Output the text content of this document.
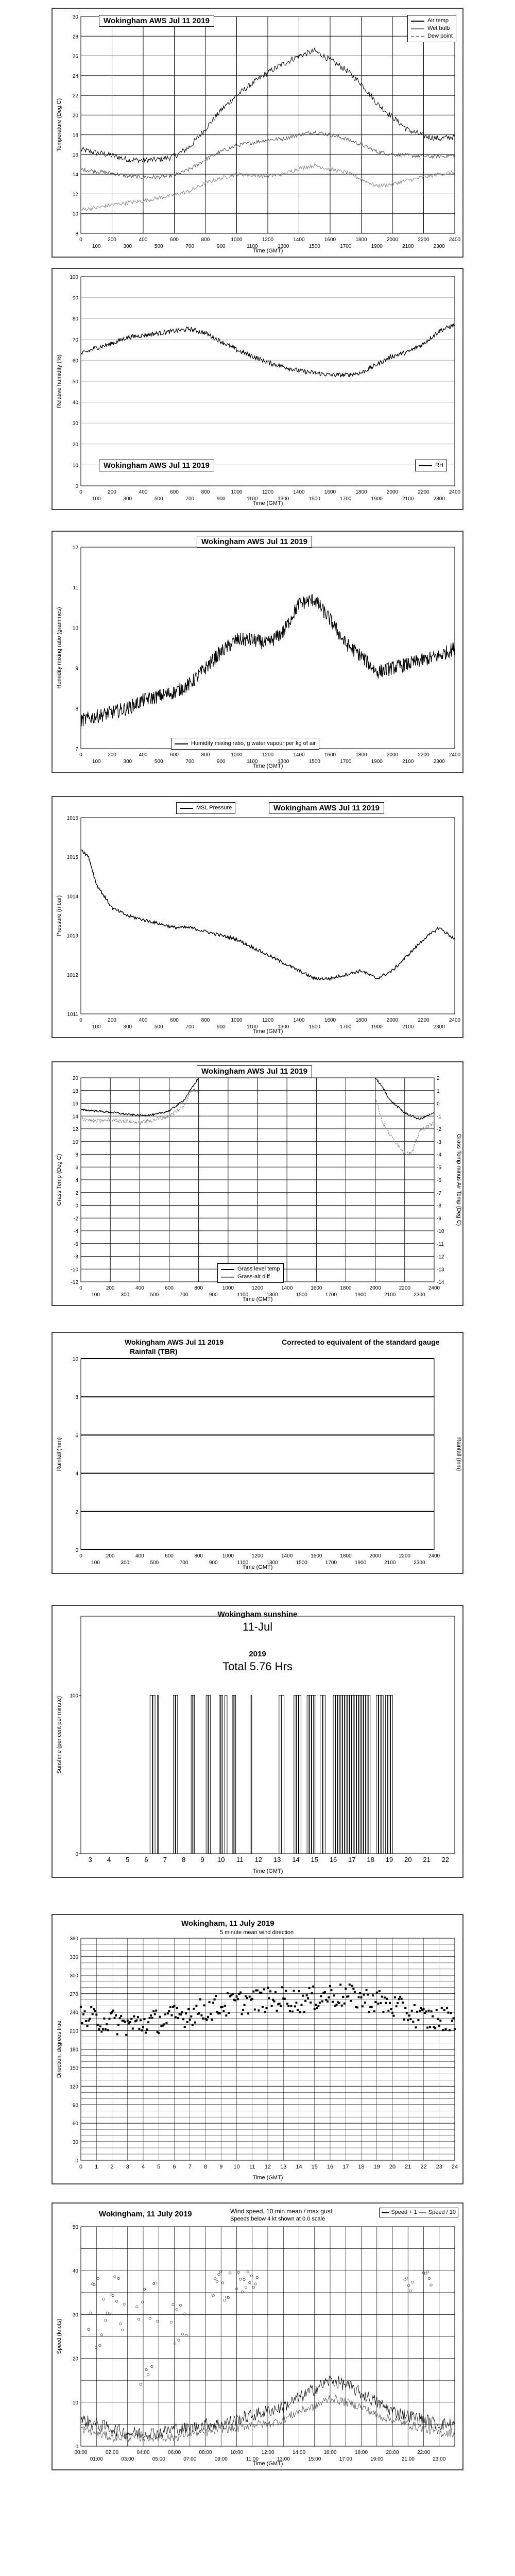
8
10
12
14
16
18
20
22
24
26
28
30
0	200	400	600	800	1000	1200	1400	1600	1800	2000	2200	2400
100	300	500	700	900	1100	1300	1500	1700	1900	2100	2300
Time (GMT)
Temperature (Deg C)
Wokingham AWS Jul 11 2019	Air temp
Wet bulb
Dew point
0
10
20
30
40
50
60
70
80
90
100
0	200	400	600	800	1000	1200	1400	1600	1800	2000	2200	2400
100	300	500	700	900	1100	1300	1500	1700	1900	2100	2300
Time (GMT)
Relative humidity (%)
Wokingham AWS Jul 11 2019	RH
7
8
9
10
11
12
0	200	400	600	800	1000	1200	1400	1600	1800	2000	2200	2400
100	300	500	700	900	1100	1300	1500	1700	1900	2100	2300
Time (GMT)
Humidity mixing ratio (grammes)
Wokingham AWS Jul 11 2019
Humidity mixing ratio, g water vapour per kg of air
1011
1012
1013
1014
1015
1016
0	200	400	600	800	1000	1200	1400	1600	1800	2000	2200	2400
100	300	500	700	900	1100	1300	1500	1700	1900	2100	2300
Time (GMT)
Pressure (mbar)
MSL Pressure	Wokingham AWS Jul 11 2019
-12
-10
-8
-6
-4
-2
0
2
4
6
8
10
12
14
16
18
20
0	200	400	600	800	1000	1200	1400	1600	1800	2000	2200	2400
100	300	500	700	900	1100	1300	1500	1700	1900	2100	2300
Time (GMT)
Grass Temp (Deg C)	Grass Temp minus Air Temp (Deg C)
-14
-13
-12
-11
-10
-9
-8
-7
-6
-5
-4
-3
-2
-1
0
1
2
Wokingham AWS Jul 11 2019
Grass level temp
Grass-air diff
0
2
4
6
8
10
0	200	400	600	800	1000	1200	1400	1600	1800	2000	2200	2400
100	300	500	700	900	1100	1300	1500	1700	1900	2100	2300
Time (GMT)
Rainfall (mm)	Rainfall (mm)
Wokingham AWS Jul 11 2019
Rainfall (TBR)
Corrected to equivalent of the standard gauge
0
100
3 4 5 6 7 8 9 10 11 12 13 14 15 16 17 18 19 20 21 22
Time (GMT)
Sunshine (per cent per minute)
Wokingham sunshine
11-Jul
2019
Total 5.76 Hrs
0
30
60
90
120
150
180
210
240
270
300
330
360
0 1 2 3 4 5 6 7 8 9 10 11 12 13 14 15 16 17 18 19 20 21 22 23 24
Time (GMT)
Direction, degrees true
Wokingham, 11 July 2019
5 minute mean wind direction
0
10
20
30
40
50
00:00	02:00	04:00	06:00	08:00	10:00	12:00	14:00	16:00	18:00	20:00	22:00
01:00	03:00	05:00	07:00	09:00	11:00	13:00	15:00	17:00	19:00	21:00	23:00
Time (GMT)
Speed (knots)
Wokingham, 11 July 2019	Wind speed, 10 min mean / max gust
Speeds below 4 kt shown at 0.0 scale
Speed + 1 Speed / 10
